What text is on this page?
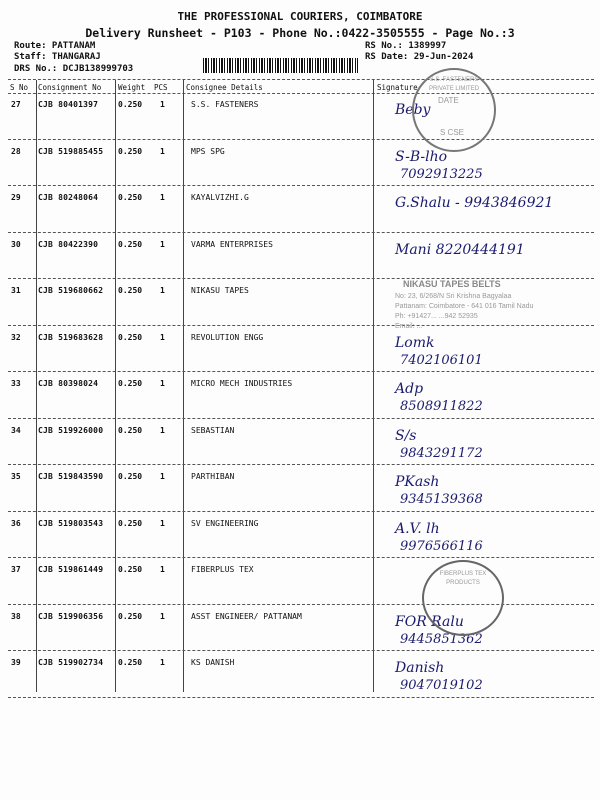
THE PROFESSIONAL COURIERS, COIMBATORE
Delivery Runsheet - P103 - Phone No.:0422-3505555 - Page No.:3
Route: PATTANAM
Staff: THANGARAJ
DRS No.: DCJB138999703
RS No.: 1389997
RS Date: 29-Jun-2024
S No Consignment No Weight PCS Consignee Details	Signature
27 CJB 80401397 0.250 1	S.S. FASTENERS	Beby
28 CJB 519885455 0.250 1	MPS SPG	S-B-lho
7092913225
29 CJB 80248064 0.250 1	KAYALVIZHI.G	G.Shalu - 9943846921
30 CJB 80422390 0.250 1	VARMA ENTERPRISES	Mani 8220444191
31 CJB 519680662 0.250 1	NIKASU TAPES
32 CJB 519683628 0.250 1	REVOLUTION ENGG	Lomk
7402106101
33 CJB 80398024 0.250 1	MICRO MECH INDUSTRIES	Adp
8508911822
34 CJB 519926000 0.250 1	SEBASTIAN	S/s
9843291172
35 CJB 519843590 0.250 1	PARTHIBAN	PKash
9345139368
36 CJB 519803543 0.250 1	SV ENGINEERING	A.V. lh
9976566116
37 CJB 519861449 0.250 1	FIBERPLUS TEX
38 CJB 519906356 0.250 1	ASST ENGINEER/ PATTANAM	FOR Ralu
9445851362
39 CJB 519902734 0.250 1	KS DANISH	Danish
9047019102
S.S. FASTENERS PRIVATE LIMITED
DATE
S CSE
NIKASU TAPES BELTS
No: 23, 6/268/N Sri Krishna Bagyalaa
Pattanam: Coimbatore - 641 016 Tamil Nadu
Ph: +91427... ...942 52935
Email: ...
FIBERPLUS TEX PRODUCTS
